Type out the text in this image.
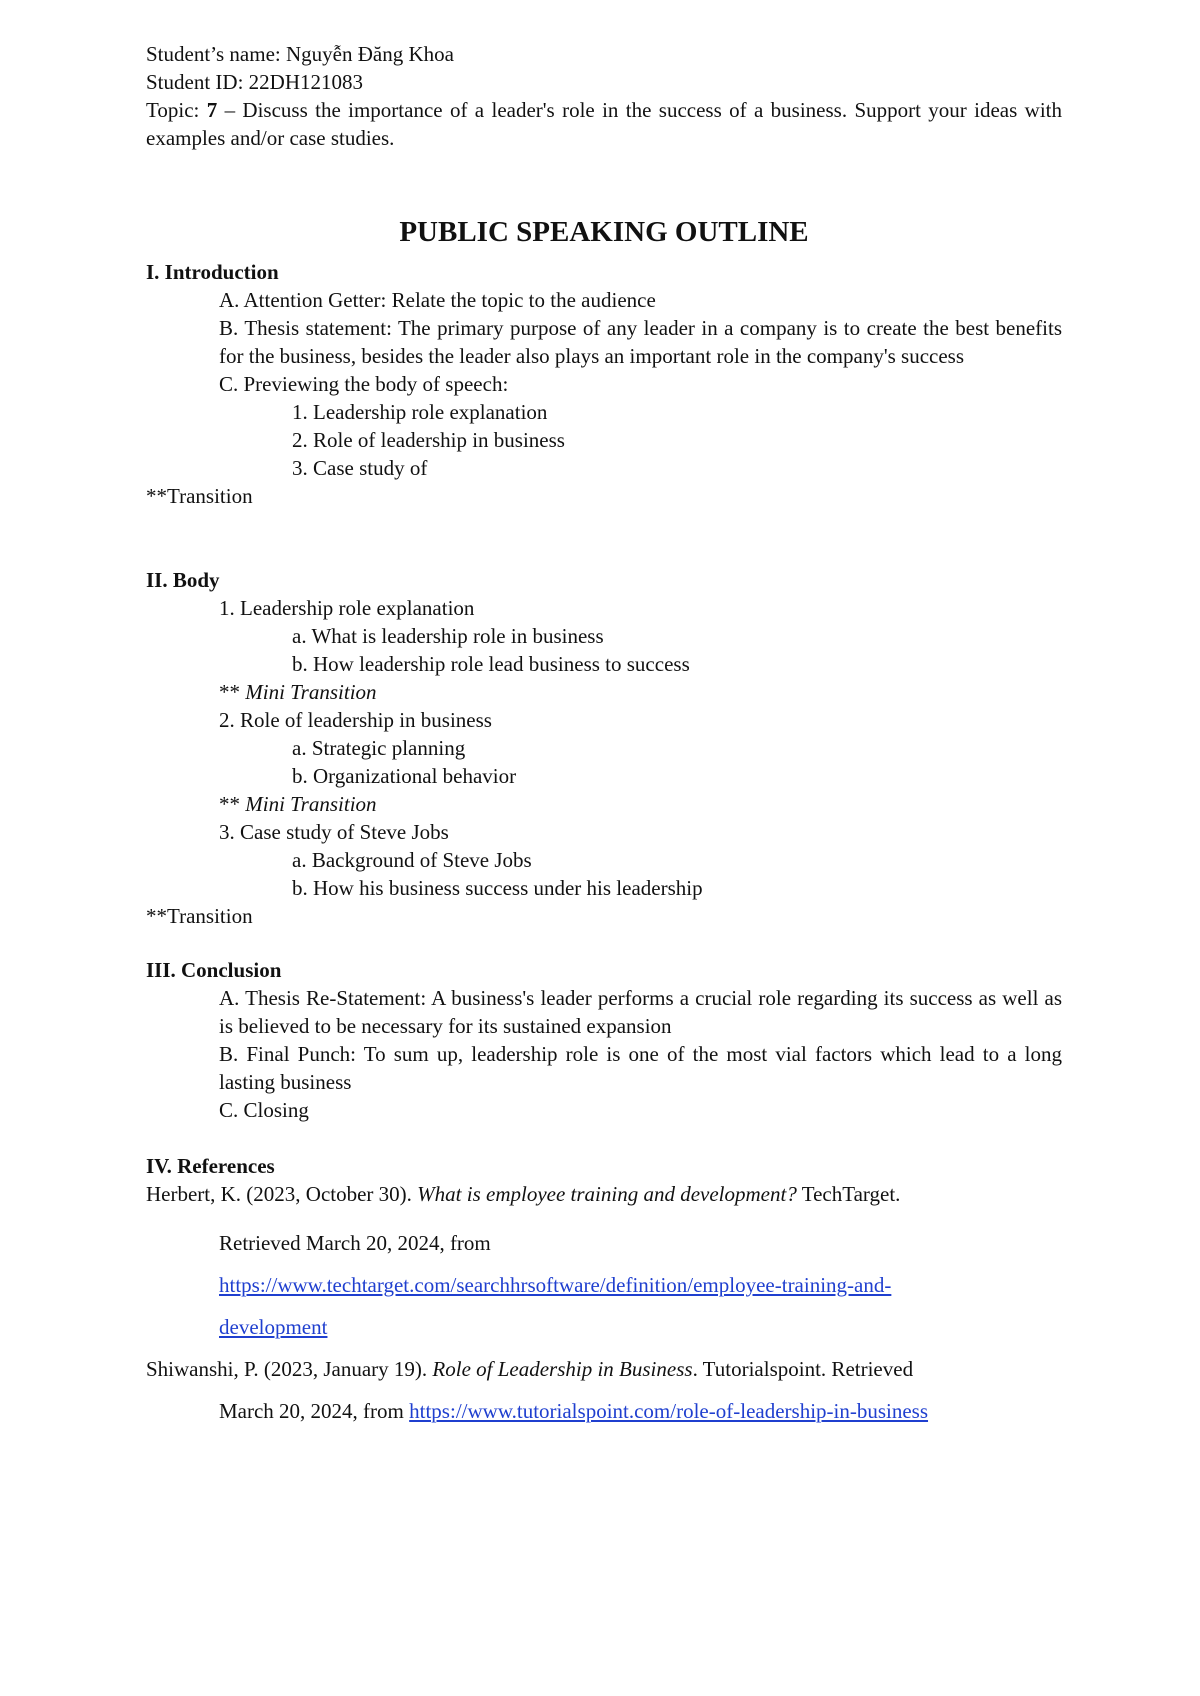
Student’s name: Nguyễn Đăng Khoa
Student ID: 22DH121083
Topic: 7 – Discuss the importance of a leader's role in the success of a business. Support your ideas with examples and/or case studies.
PUBLIC SPEAKING OUTLINE
I. Introduction
A. Attention Getter: Relate the topic to the audience
B. Thesis statement: The primary purpose of any leader in a company is to create the best benefits for the business, besides the leader also plays an important role in the company's success
C. Previewing the body of speech:
1. Leadership role explanation
2. Role of leadership in business
3. Case study of
**Transition
II. Body
1. Leadership role explanation
a. What is leadership role in business
b. How leadership role lead business to success
** Mini Transition
2. Role of leadership in business
a. Strategic planning
b. Organizational behavior
** Mini Transition
3. Case study of Steve Jobs
a. Background of Steve Jobs
b. How his business success under his leadership
**Transition
III. Conclusion
A. Thesis Re-Statement: A business's leader performs a crucial role regarding its success as well as is believed to be necessary for its sustained expansion
B. Final Punch: To sum up, leadership role is one of the most vial factors which lead to a long lasting business
C. Closing
IV. References
Herbert, K. (2023, October 30). What is employee training and development? TechTarget.
Retrieved March 20, 2024, from
https://www.techtarget.com/searchhrsoftware/definition/employee-training-and-
development
Shiwanshi, P. (2023, January 19). Role of Leadership in Business. Tutorialspoint. Retrieved
March 20, 2024, from https://www.tutorialspoint.com/role-of-leadership-in-business
